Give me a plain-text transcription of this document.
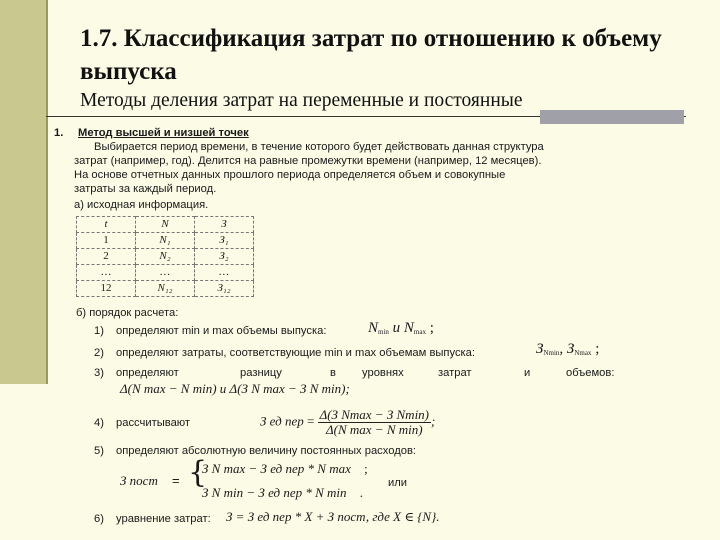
1.7. Классификация затрат по отношению к объему выпуска
Методы деления затрат на переменные и постоянные
1. Метод высшей и низшей точек
Выбирается период времени, в течение которого будет действовать данная структура
затрат (например, год). Делится на равные промежутки времени (например, 12 месяцев).
На основе отчетных данных прошлого периода определяется объем и совокупные
затраты за каждый период.
а) исходная информация.
t	N	З
1	N₁	З₁
2	N₂	З₂
…	…	…
12	N₁₂	З₁₂
б) порядок расчета:
1) определяют min и max объемы выпуска:	$N_{min}$ и $N_{max}$ ;
2) определяют затраты, соответствующие min и max объемам выпуска:	$З_{Nmin}$, $З_{Nmax}$ ;
3) определяют	разницу	в уровнях	затрат	и	объемов:
Δ(N max − N min) и Δ(З N max − З N min);
4) рассчитывают	З ед пер = $\frac{\text{Δ(З Nmax − З Nmin)}}{\text{Δ(N max − N min)}}$ ;
5) определяют абсолютную величину постоянных расходов:
З пост = {
З N max − З ед пер * N max ;
или
З N min − З ед пер * N min .
6) уравнение затрат: З = З ед пер * X + З пост, где X ∈ {N}.
